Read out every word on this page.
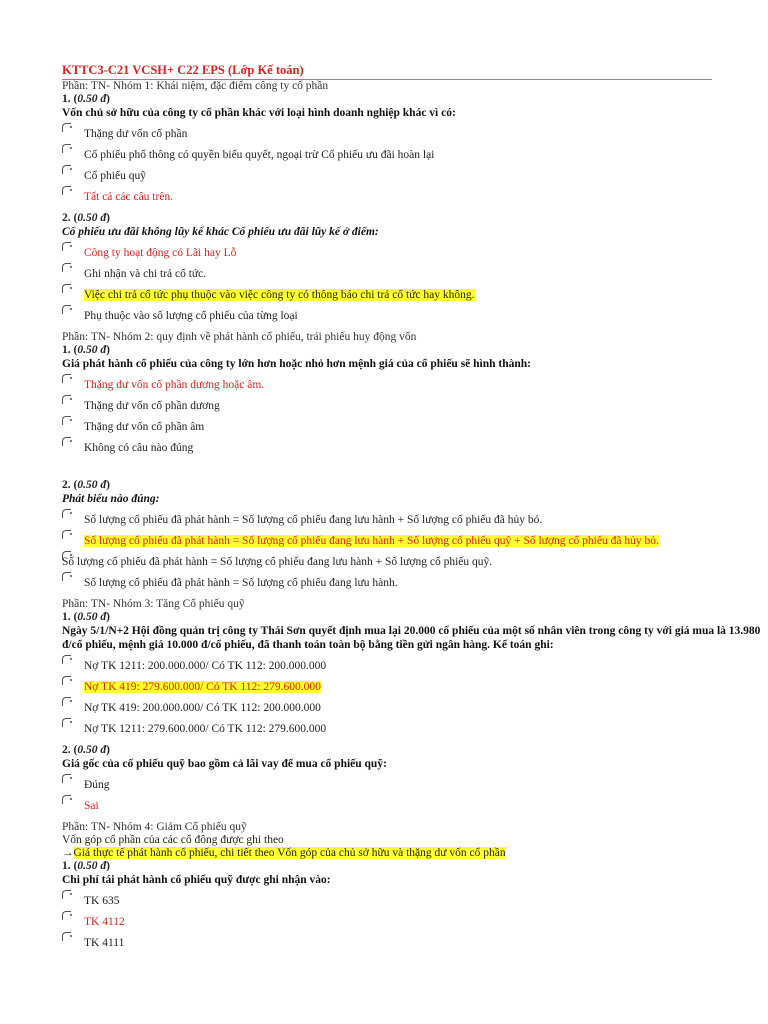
KTTC3-C21 VCSH+ C22 EPS (Lớp Kế toán)
Phần: TN- Nhóm 1: Khái niệm, đặc điểm công ty cổ phần
1. (0.50 đ)
Vốn chủ sở hữu của công ty cổ phần khác với loại hình doanh nghiệp khác vì có:
Thặng dư vốn cổ phần
Cổ phiếu phổ thông có quyền biểu quyết, ngoại trừ Cổ phiếu ưu đãi hoàn lại
Cổ phiếu quỹ
Tất cả các câu trên.
2. (0.50 đ)
Cổ phiếu ưu đãi không lũy kế khác Cổ phiếu ưu đãi lũy kế ở điểm:
Công ty hoạt động có Lãi hay Lỗ
Ghi nhận và chi trả cổ tức.
Việc chi trả cổ tức phụ thuộc vào việc công ty có thông báo chi trả cổ tức hay không.
Phụ thuộc vào số lượng cổ phiếu của từng loại
Phần: TN- Nhóm 2: quy định về phát hành cổ phiếu, trái phiếu huy động vốn
1. (0.50 đ)
Giá phát hành cổ phiếu của công ty lớn hơn hoặc nhỏ hơn mệnh giá của cổ phiếu sẽ hình thành:
Thặng dư vốn cổ phần dương hoặc âm.
Thặng dư vốn cổ phần dương
Thặng dư vốn cổ phần âm
Không có câu nào đúng
2. (0.50 đ)
Phát biểu nào đúng:
Số lượng cổ phiếu đã phát hành = Số lượng cổ phiếu đang lưu hành + Số lượng cổ phiếu đã hủy bỏ.
Số lượng cổ phiếu đã phát hành = Số lượng cổ phiếu đang lưu hành + Số lượng cổ phiếu quỹ + Số lượng cổ phiếu đã hủy bỏ.
Số lượng cổ phiếu đã phát hành = Số lượng cổ phiếu đang lưu hành + Số lượng cổ phiếu quỹ.
Số lượng cổ phiếu đã phát hành = Số lượng cổ phiếu đang lưu hành.
Phần: TN- Nhóm 3: Tăng Cổ phiếu quỹ
1. (0.50 đ)
Ngày 5/1/N+2 Hội đồng quản trị công ty Thái Sơn quyết định mua lại 20.000 cổ phiếu của một số nhân viên trong công ty với giá mua là 13.980 đ/cổ phiếu, mệnh giá 10.000 đ/cổ phiếu, đã thanh toán toàn bộ bằng tiền gửi ngân hàng. Kế toán ghi:
Nợ TK 1211: 200.000.000/ Có TK 112: 200.000.000
Nợ TK 419: 279.600.000/ Có TK 112: 279.600.000
Nợ TK 419: 200.000.000/ Có TK 112: 200.000.000
Nợ TK 1211: 279.600.000/ Có TK 112: 279.600.000
2. (0.50 đ)
Giá gốc của cổ phiếu quỹ bao gồm cả lãi vay để mua cổ phiếu quỹ:
Đúng
Sai
Phần: TN- Nhóm 4: Giảm Cổ phiếu quỹ
Vốn góp cổ phần của các cổ đông được ghi theo
→Giá thực tế phát hành cổ phiếu, chi tiết theo Vốn góp của chủ sở hữu và thặng dư vốn cổ phần
1. (0.50 đ)
Chi phí tái phát hành cổ phiếu quỹ được ghi nhận vào:
TK 635
TK 4112
TK 4111
